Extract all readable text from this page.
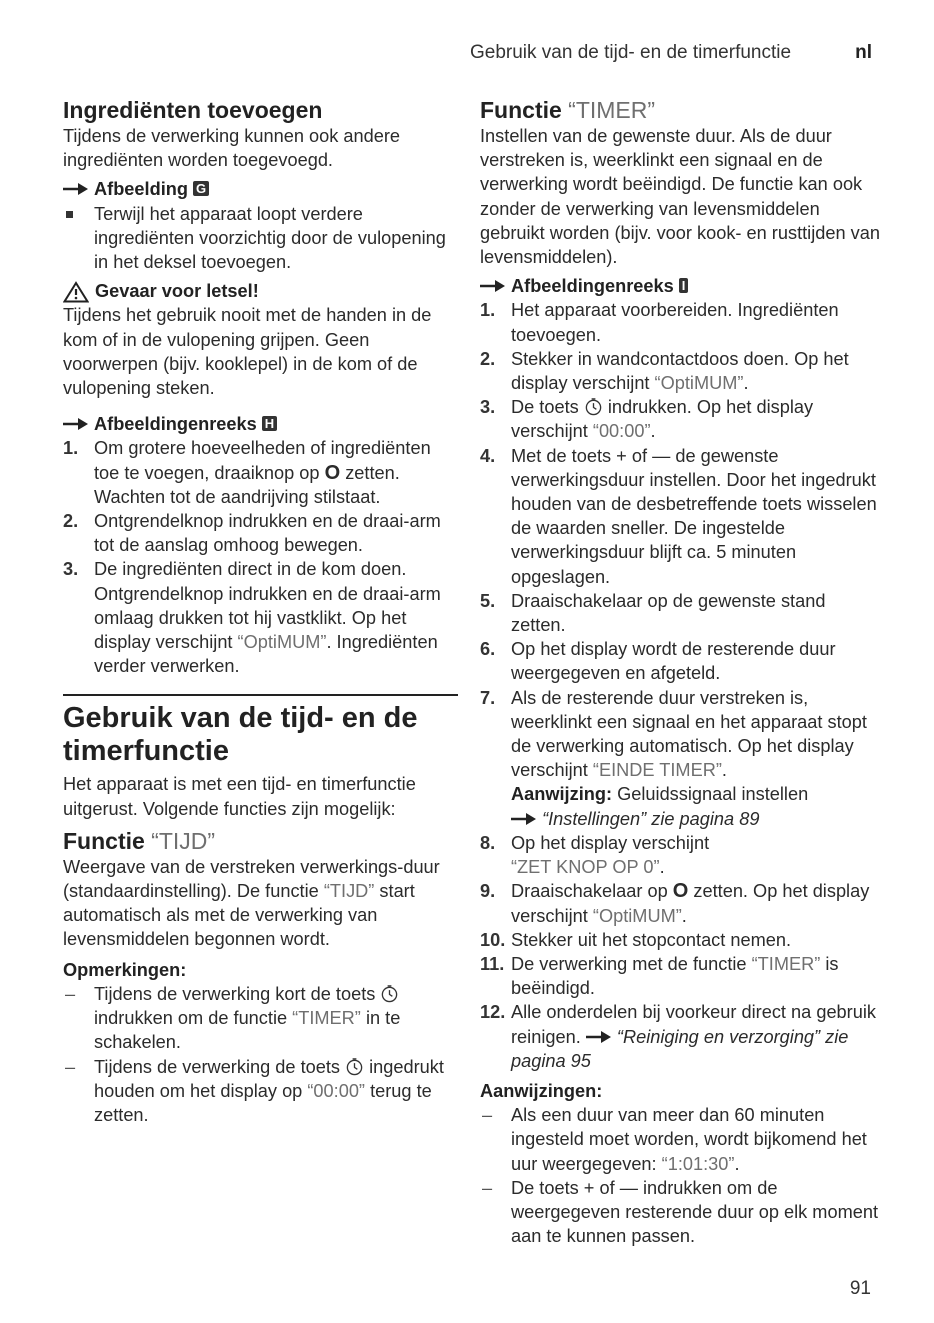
Gebruik van de tijd- en de timerfunctie	nl
Ingrediënten toevoegen

Tijdens de verwerking kunnen ook andere ingrediënten worden toegevoegd.

Afbeelding G
Terwijl het apparaat loopt verdere ingrediënten voorzichtig door de vulopening in het deksel toevoegen.
Gevaar voor letsel!

Tijdens het gebruik nooit met de handen in de kom of in de vulopening grijpen. Geen voorwerpen (bijv. kooklepel) in de kom of de vulopening steken.

Afbeeldingenreeks H
1. Om grotere hoeveelheden of ingrediënten toe te voegen, draaiknop op O zetten. Wachten tot de aandrijving stilstaat.
2. Ontgrendelknop indrukken en de draai-arm tot de aanslag omhoog bewegen.
3. De ingrediënten direct in de kom doen. Ontgrendelknop indrukken en de draai-arm omlaag drukken tot hij vastklikt. Op het display verschijnt “OptiMUM”. Ingrediënten verder verwerken.
Gebruik van de tijd- en de timerfunctie

Het apparaat is met een tijd- en timerfunctie uitgerust. Volgende functies zijn mogelijk:

Functie “TIJD”

Weergave van de verstreken verwerkings-duur (standaardinstelling). De functie “TIJD” start automatisch als met de verwerking van levensmiddelen begonnen wordt.

Opmerkingen:
– Tijdens de verwerking kort de toets  indrukken om de functie “TIMER” in te schakelen.
– Tijdens de verwerking de toets ingedrukt houden om het display op “00:00” terug te zetten.
Functie “TIMER”

Instellen van de gewenste duur. Als de duur verstreken is, weerklinkt een signaal en de verwerking wordt beëindigd. De functie kan ook zonder de verwerking van levensmiddelen gebruikt worden (bijv. voor kook- en rusttijden van levensmiddelen).

Afbeeldingenreeks I
1. Het apparaat voorbereiden. Ingrediënten toevoegen.
2. Stekker in wandcontactdoos doen. Op het display verschijnt “OptiMUM”.
3. De toets indrukken. Op het display verschijnt “00:00”.
4. Met de toets + of — de gewenste verwerkingsduur instellen. Door het ingedrukt houden van de desbetreffende toets wisselen de waarden sneller. De ingestelde verwerkingsduur blijft ca. 5 minuten opgeslagen.
5. Draaischakelaar op de gewenste stand zetten.
6. Op het display wordt de resterende duur weergegeven en afgeteld.
7. Als de resterende duur verstreken is, weerklinkt een signaal en het apparaat stopt de verwerking automatisch. Op het display verschijnt “EINDE TIMER”.
Aanwijzing: Geluidssignaal instellen
“Instellingen” zie pagina 89
8. Op het display verschijnt
“ZET KNOP OP 0”.
9. Draaischakelaar op O zetten. Op het display verschijnt “OptiMUM”.
10. Stekker uit het stopcontact nemen.
11. De verwerking met de functie “TIMER” is beëindigd.
12. Alle onderdelen bij voorkeur direct na gebruik reinigen. “Reiniging en verzorging” zie pagina 95
Aanwijzingen:
– Als een duur van meer dan 60 minuten ingesteld moet worden, wordt bijkomend het uur weergegeven: “1:01:30”.
– De toets + of — indrukken om de weergegeven resterende duur op elk moment aan te kunnen passen.
91
